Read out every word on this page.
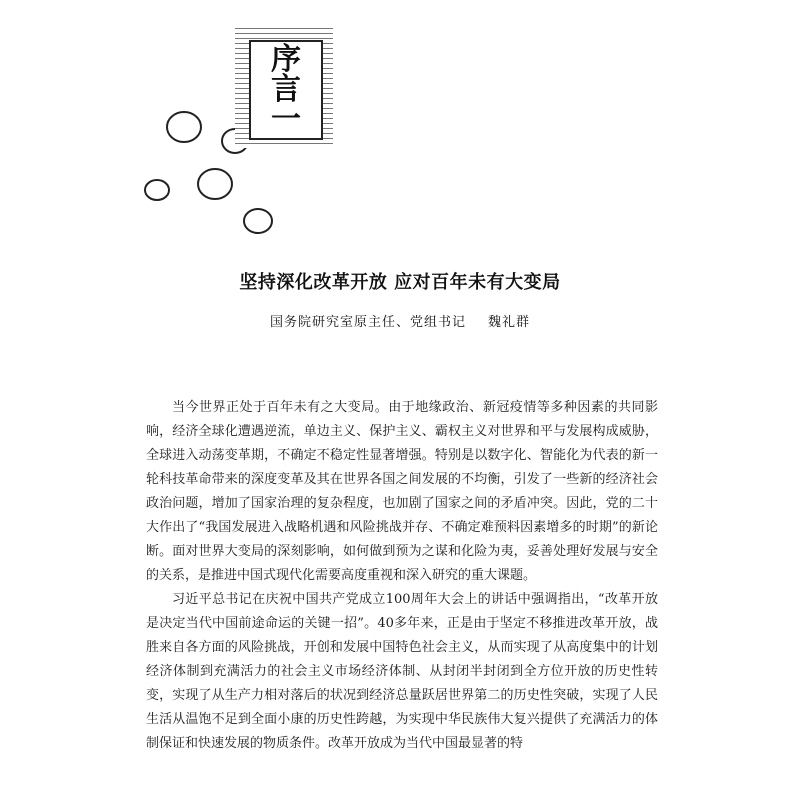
序
言
一
坚持深化改革开放 应对百年未有大变局
国务院研究室原主任、党组书记 魏礼群

当今世界正处于百年未有之大变局。由于地缘政治、新冠疫情等多种因素的共同影响，经济全球化遭遇逆流，单边主义、保护主义、霸权主义对世界和平与发展构成威胁，全球进入动荡变革期，不确定不稳定性显著增强。特别是以数字化、智能化为代表的新一轮科技革命带来的深度变革及其在世界各国之间发展的不均衡，引发了一些新的经济社会政治问题，增加了国家治理的复杂程度，也加剧了国家之间的矛盾冲突。因此，党的二十大作出了“我国发展进入战略机遇和风险挑战并存、不确定难预料因素增多的时期”的新论断。面对世界大变局的深刻影响，如何做到预为之谋和化险为夷，妥善处理好发展与安全的关系，是推进中国式现代化需要高度重视和深入研究的重大课题。

习近平总书记在庆祝中国共产党成立100周年大会上的讲话中强调指出，“改革开放是决定当代中国前途命运的关键一招”。40多年来，正是由于坚定不移推进改革开放，战胜来自各方面的风险挑战，开创和发展中国特色社会主义，从而实现了从高度集中的计划经济体制到充满活力的社会主义市场经济体制、从封闭半封闭到全方位开放的历史性转变，实现了从生产力相对落后的状况到经济总量跃居世界第二的历史性突破，实现了人民生活从温饱不足到全面小康的历史性跨越，为实现中华民族伟大复兴提供了充满活力的体制保证和快速发展的物质条件。改革开放成为当代中国最显著的特
